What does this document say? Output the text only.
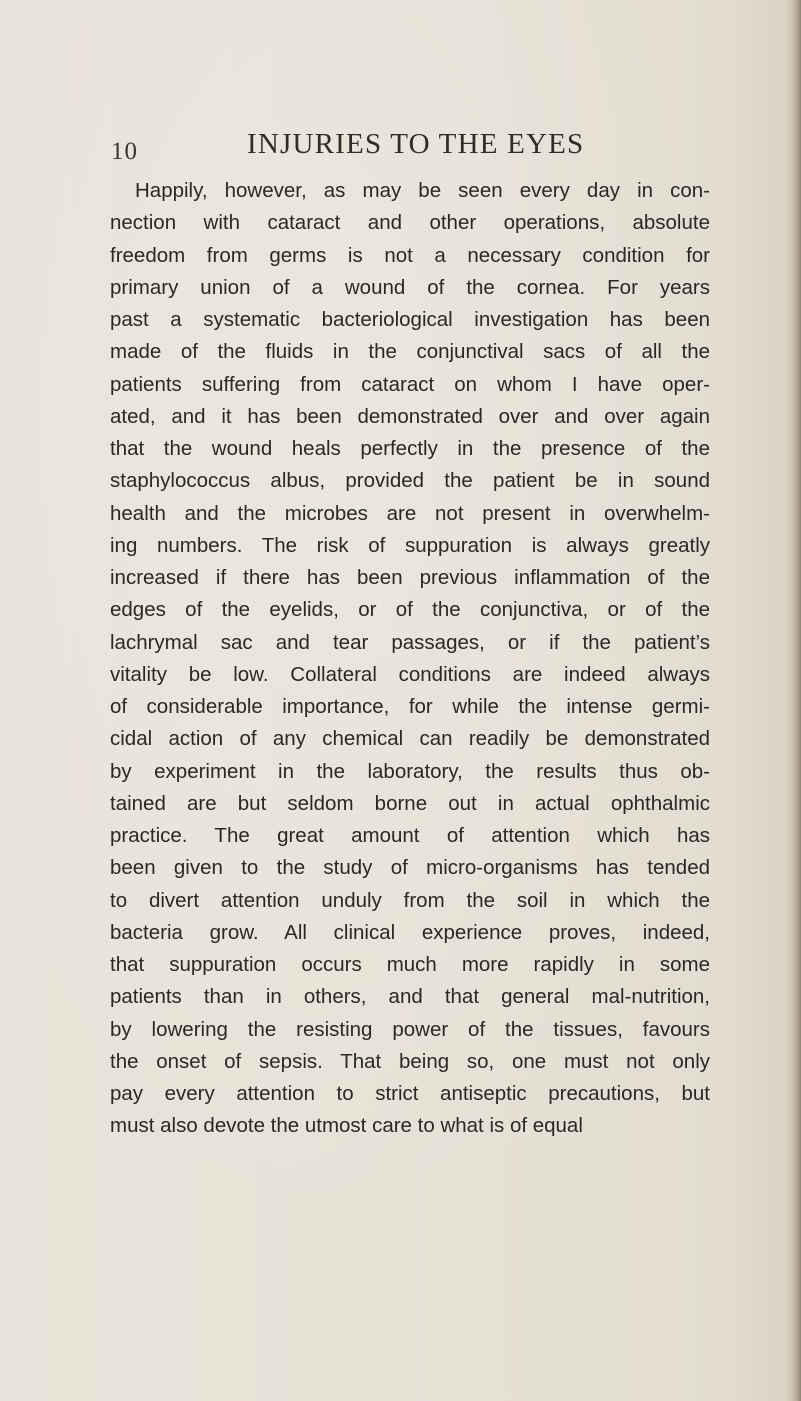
10	INJURIES TO THE EYES
Happily, however, as may be seen every day in con-
nection with cataract and other operations, absolute
freedom from germs is not a necessary condition for
primary union of a wound of the cornea. For years
past a systematic bacteriological investigation has been
made of the fluids in the conjunctival sacs of all the
patients suffering from cataract on whom I have oper-
ated, and it has been demonstrated over and over again
that the wound heals perfectly in the presence of the
staphylococcus albus, provided the patient be in sound
health and the microbes are not present in overwhelm-
ing numbers. The risk of suppuration is always greatly
increased if there has been previous inflammation of the
edges of the eyelids, or of the conjunctiva, or of the
lachrymal sac and tear passages, or if the patient’s
vitality be low. Collateral conditions are indeed always
of considerable importance, for while the intense germi-
cidal action of any chemical can readily be demonstrated
by experiment in the laboratory, the results thus ob-
tained are but seldom borne out in actual ophthalmic
practice. The great amount of attention which has
been given to the study of micro-organisms has tended
to divert attention unduly from the soil in which the
bacteria grow. All clinical experience proves, indeed,
that suppuration occurs much more rapidly in some
patients than in others, and that general mal-nutrition,
by lowering the resisting power of the tissues, favours
the onset of sepsis. That being so, one must not only
pay every attention to strict antiseptic precautions, but
must also devote the utmost care to what is of equal
